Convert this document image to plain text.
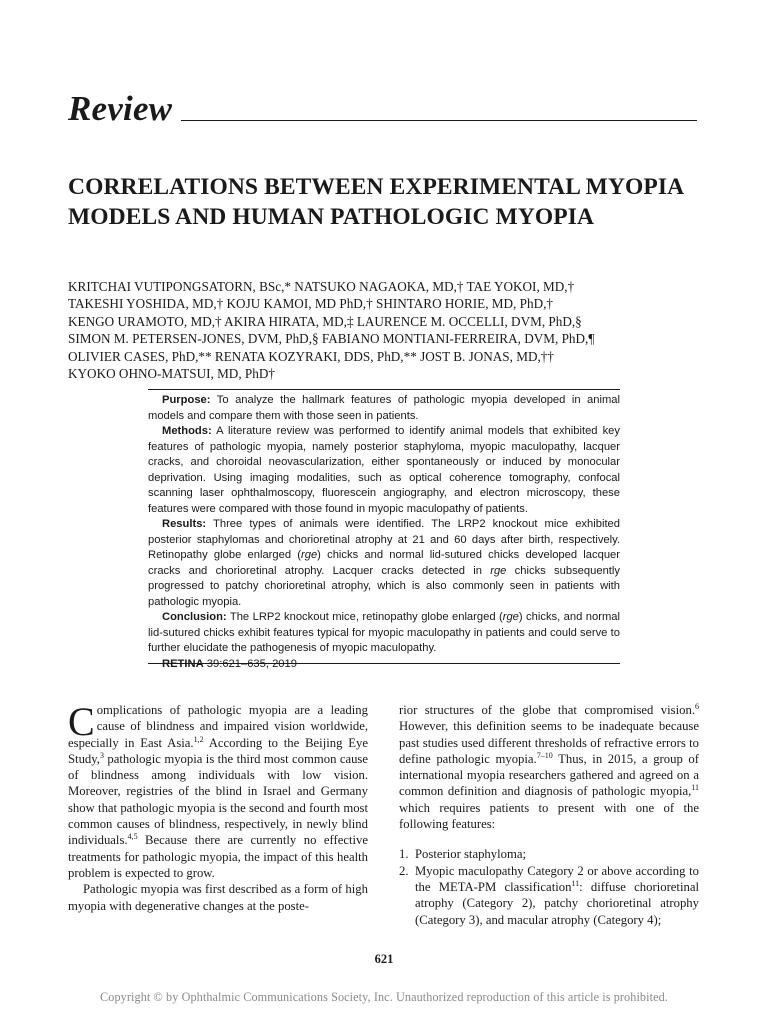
Review
CORRELATIONS BETWEEN EXPERIMENTAL MYOPIA MODELS AND HUMAN PATHOLOGIC MYOPIA
KRITCHAI VUTIPONGSATORN, BSc,* NATSUKO NAGAOKA, MD,† TAE YOKOI, MD,†
TAKESHI YOSHIDA, MD,† KOJU KAMOI, MD PhD,† SHINTARO HORIE, MD, PhD,†
KENGO URAMOTO, MD,† AKIRA HIRATA, MD,‡ LAURENCE M. OCCELLI, DVM, PhD,§
SIMON M. PETERSEN-JONES, DVM, PhD,§ FABIANO MONTIANI-FERREIRA, DVM, PhD,¶
OLIVIER CASES, PhD,** RENATA KOZYRAKI, DDS, PhD,** JOST B. JONAS, MD,††
KYOKO OHNO-MATSUI, MD, PhD†

Purpose: To analyze the hallmark features of pathologic myopia developed in animal models and compare them with those seen in patients.

Methods: A literature review was performed to identify animal models that exhibited key features of pathologic myopia, namely posterior staphyloma, myopic maculopathy, lacquer cracks, and choroidal neovascularization, either spontaneously or induced by monocular deprivation. Using imaging modalities, such as optical coherence tomography, confocal scanning laser ophthalmoscopy, fluorescein angiography, and electron microscopy, these features were compared with those found in myopic maculopathy of patients.

Results: Three types of animals were identified. The LRP2 knockout mice exhibited posterior staphylomas and chorioretinal atrophy at 21 and 60 days after birth, respectively. Retinopathy globe enlarged (rge) chicks and normal lid-sutured chicks developed lacquer cracks and chorioretinal atrophy. Lacquer cracks detected in rge chicks subsequently progressed to patchy chorioretinal atrophy, which is also commonly seen in patients with pathologic myopia.

Conclusion: The LRP2 knockout mice, retinopathy globe enlarged (rge) chicks, and normal lid-sutured chicks exhibit features typical for myopic maculopathy in patients and could serve to further elucidate the pathogenesis of myopic maculopathy.

RETINA 39:621–635, 2019

Complications of pathologic myopia are a leading cause of blindness and impaired vision worldwide, especially in East Asia.$^{1,2}$ According to the Beijing Eye Study,$^3$ pathologic myopia is the third most common cause of blindness among individuals with low vision. Moreover, registries of the blind in Israel and Germany show that pathologic myopia is the second and fourth most common causes of blindness, respectively, in newly blind individuals.$^{4,5}$ Because there are currently no effective treatments for pathologic myopia, the impact of this health problem is expected to grow.

Pathologic myopia was first described as a form of high myopia with degenerative changes at the poste-

rior structures of the globe that compromised vision.$^6$ However, this definition seems to be inadequate because past studies used different thresholds of refractive errors to define pathologic myopia.$^{7-10}$ Thus, in 2015, a group of international myopia researchers gathered and agreed on a common definition and diagnosis of pathologic myopia,$^{11}$ which requires patients to present with one of the following features:

1. Posterior staphyloma;
2. Myopic maculopathy Category 2 or above according to the META-PM classification$^{11}$: diffuse chorioretinal atrophy (Category 2), patchy chorioretinal atrophy (Category 3), and macular atrophy (Category 4);
621
Copyright © by Ophthalmic Communications Society, Inc. Unauthorized reproduction of this article is prohibited.
